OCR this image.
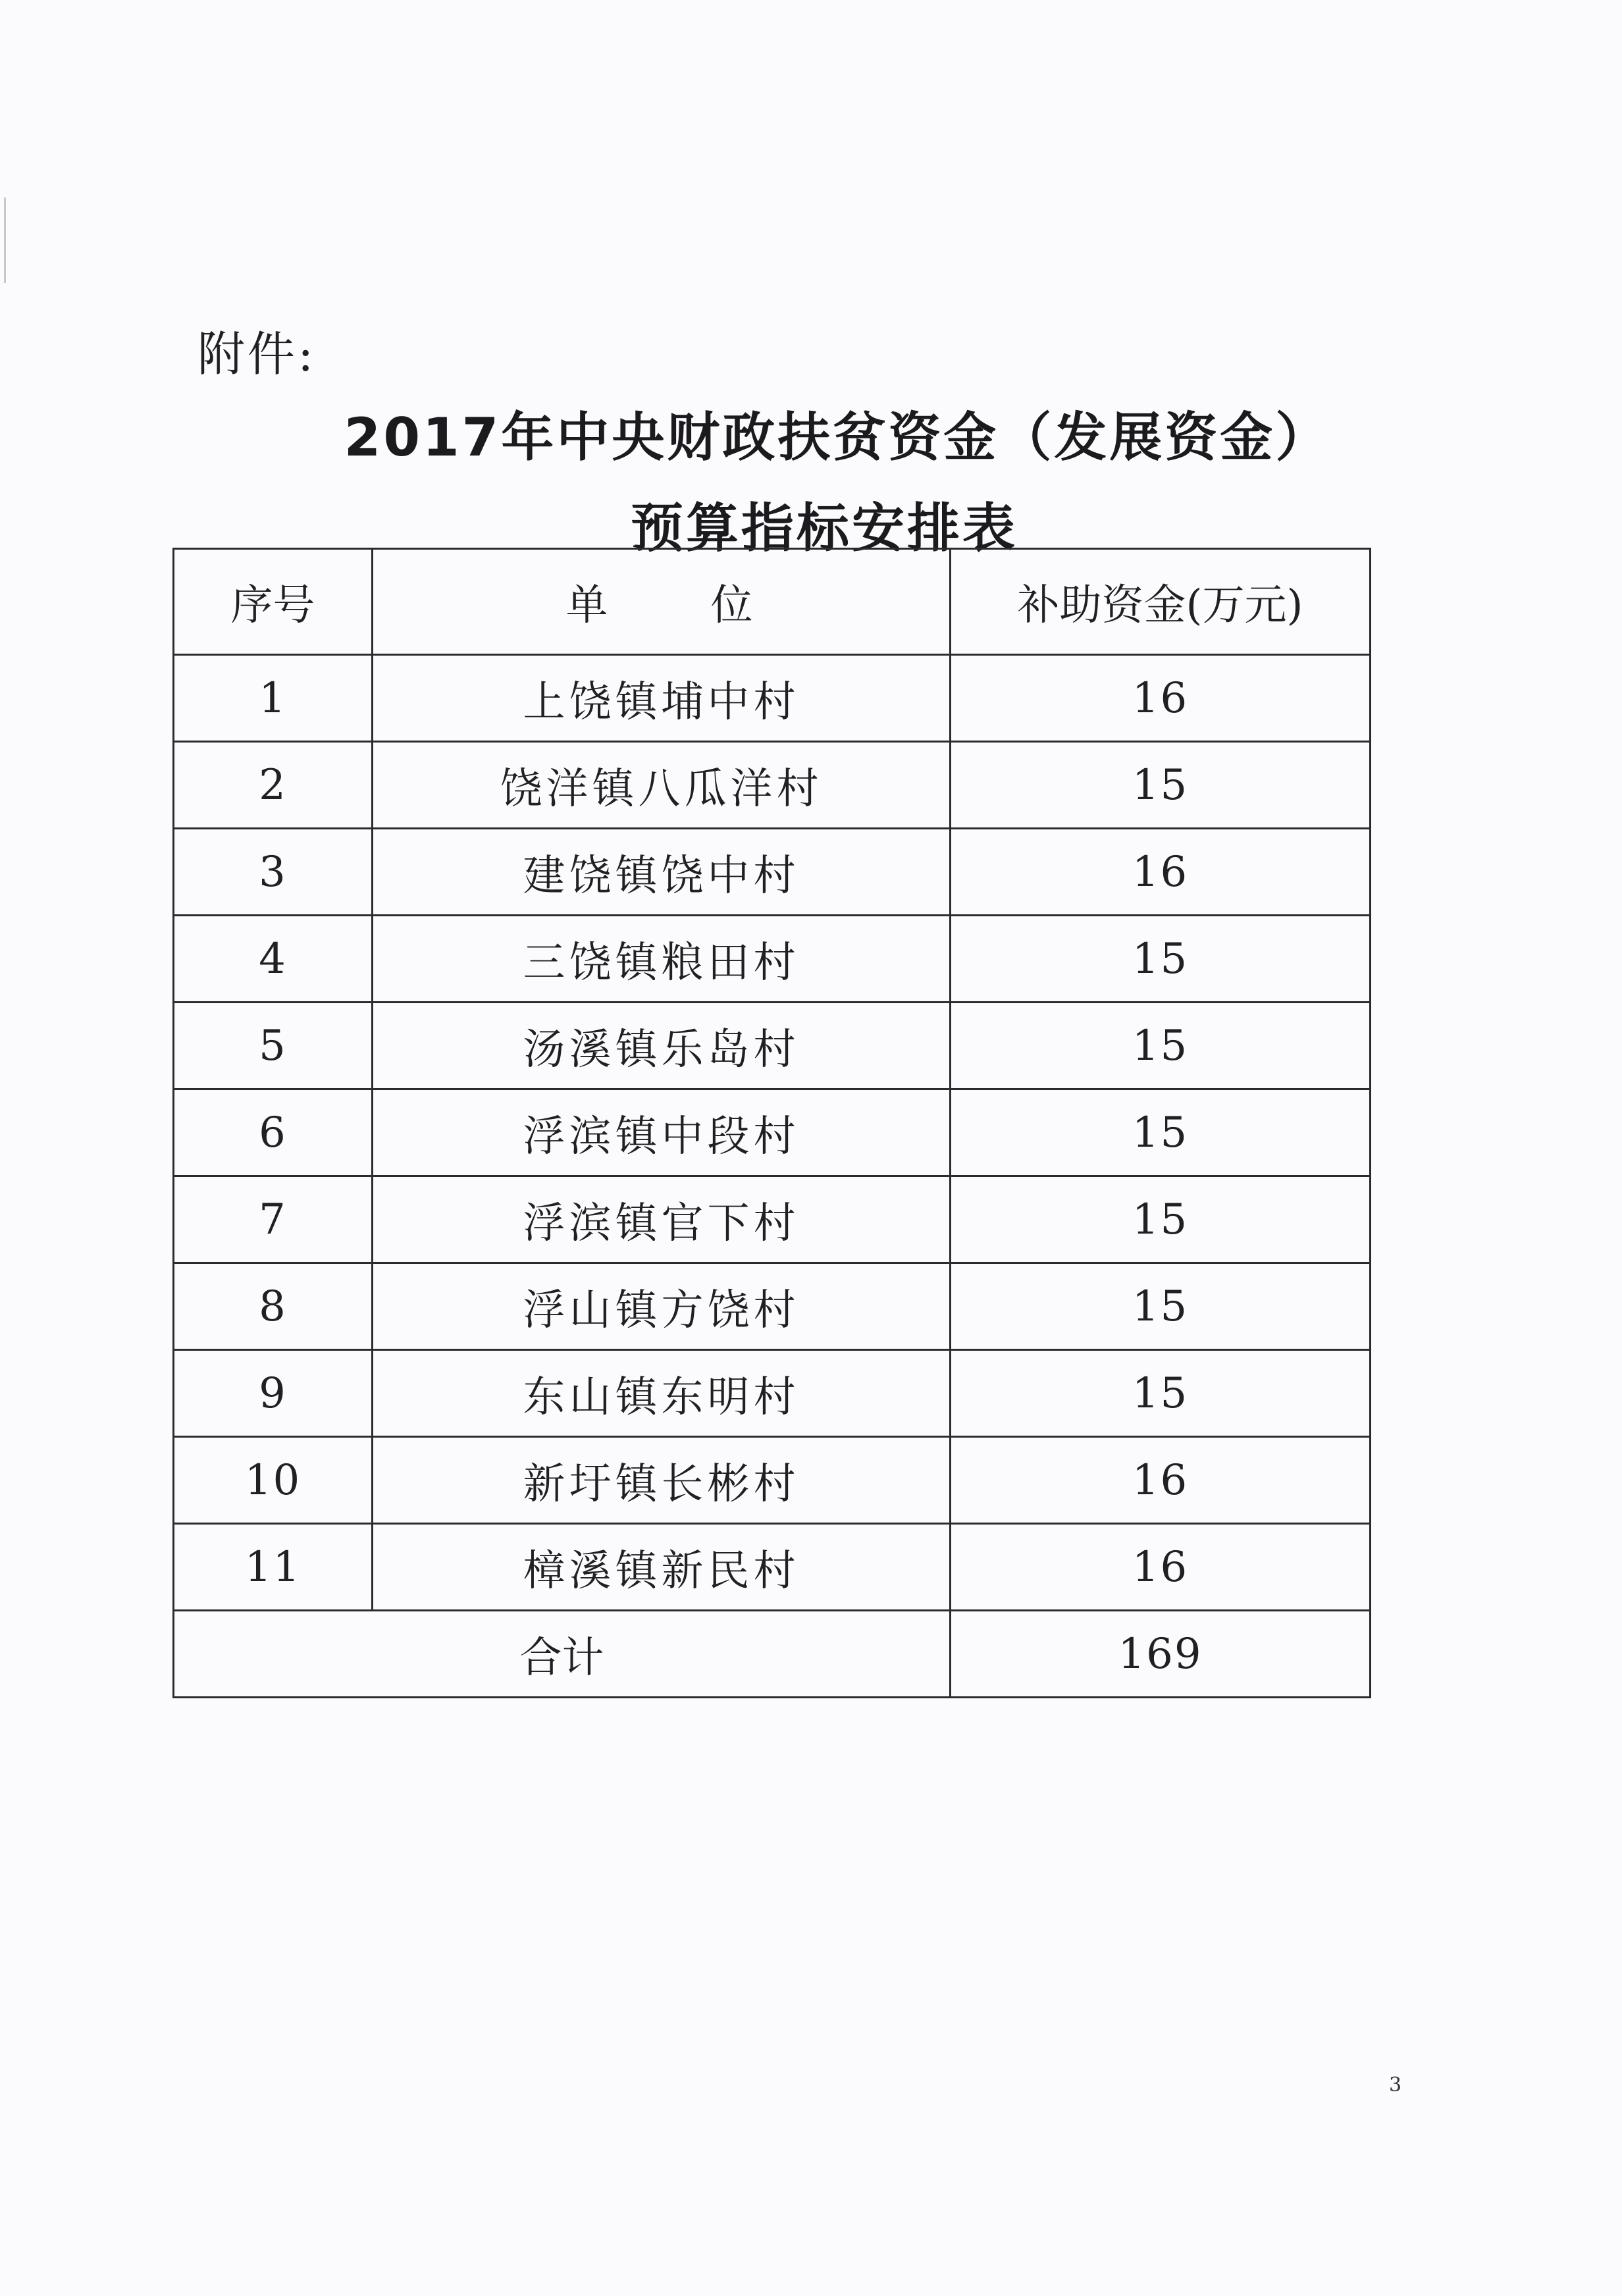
附件:
2017年中央财政扶贫资金（发展资金）
预算指标安排表
序号	单 位	补助资金(万元)
1	上饶镇埔中村	16
2	饶洋镇八瓜洋村	15
3	建饶镇饶中村	16
4	三饶镇粮田村	15
5	汤溪镇乐岛村	15
6	浮滨镇中段村	15
7	浮滨镇官下村	15
8	浮山镇方饶村	15
9	东山镇东明村	15
10	新圩镇长彬村	16
11	樟溪镇新民村	16
合计		169
3
